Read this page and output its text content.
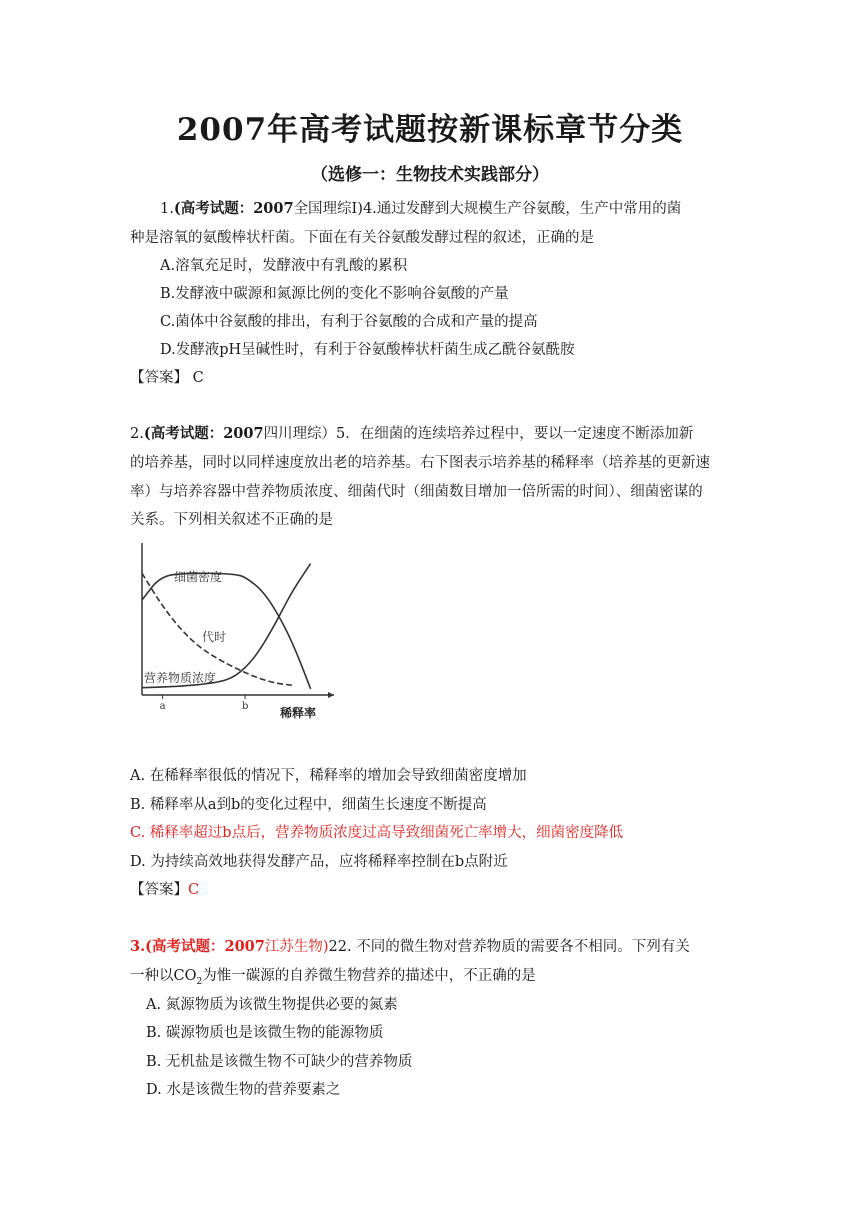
2007年高考试题按新课标章节分类
（选修一：生物技术实践部分）
1.(高考试题：2007全国理综Ⅰ)4.通过发酵到大规模生产谷氨酸，生产中常用的菌
种是溶氧的氨酸棒状杆菌。下面在有关谷氨酸发酵过程的叙述，正确的是
A.溶氧充足时，发酵液中有乳酸的累积
B.发酵液中碳源和氮源比例的变化不影响谷氨酸的产量
C.菌体中谷氨酸的排出，有利于谷氨酸的合成和产量的提高
D.发酵液pH呈碱性时，有利于谷氨酸棒状杆菌生成乙酰谷氨酰胺
【答案】 C
2.(高考试题：2007四川理综）5．在细菌的连续培养过程中，要以一定速度不断添加新
的培养基，同时以同样速度放出老的培养基。右下图表示培养基的稀释率（培养基的更新速
率）与培养容器中营养物质浓度、细菌代时（细菌数目增加一倍所需的时间）、细菌密谋的
关系。下列相关叙述不正确的是
细菌密度
代时
营养物质浓度
a	b	稀释率
A. 在稀释率很低的情况下，稀释率的增加会导致细菌密度增加
B. 稀释率从a到b的变化过程中，细菌生长速度不断提高
C. 稀释率超过b点后，营养物质浓度过高导致细菌死亡率增大，细菌密度降低
D. 为持续高效地获得发酵产品，应将稀释率控制在b点附近
【答案】C
3.(高考试题：2007江苏生物)22. 不同的微生物对营养物质的需要各不相同。下列有关
一种以$CO_2$为惟一碳源的自养微生物营养的描述中，不正确的是
A. 氮源物质为该微生物提供必要的氮素
B. 碳源物质也是该微生物的能源物质
B. 无机盐是该微生物不可缺少的营养物质
D. 水是该微生物的营养要素之
